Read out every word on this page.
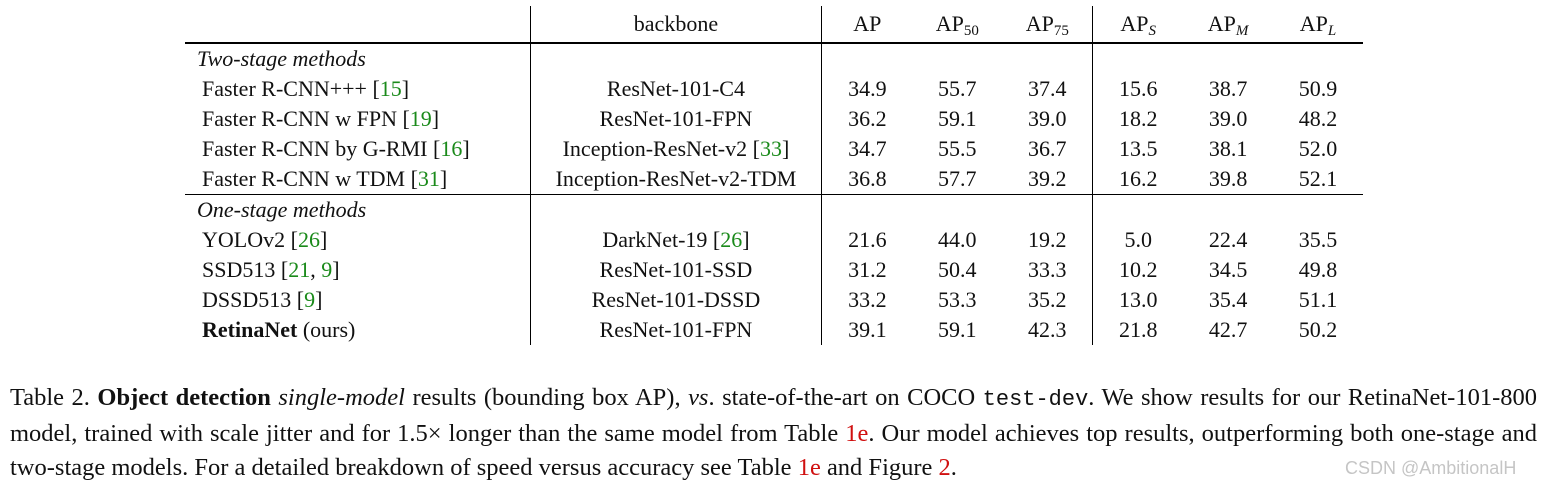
	backbone	AP	$AP_{50}$	$AP_{75}$	$AP_S$	$AP_M$	$AP_L$
Two-stage methods							
Faster R-CNN+++ [15]	ResNet-101-C4	34.9	55.7	37.4	15.6	38.7	50.9
Faster R-CNN w FPN [19]	ResNet-101-FPN	36.2	59.1	39.0	18.2	39.0	48.2
Faster R-CNN by G-RMI [16]	Inception-ResNet-v2 [33]	34.7	55.5	36.7	13.5	38.1	52.0
Faster R-CNN w TDM [31]	Inception-ResNet-v2-TDM	36.8	57.7	39.2	16.2	39.8	52.1
One-stage methods							
YOLOv2 [26]	DarkNet-19 [26]	21.6	44.0	19.2	5.0	22.4	35.5
SSD513 [21, 9]	ResNet-101-SSD	31.2	50.4	33.3	10.2	34.5	49.8
DSSD513 [9]	ResNet-101-DSSD	33.2	53.3	35.2	13.0	35.4	51.1
RetinaNet (ours)	ResNet-101-FPN	39.1	59.1	42.3	21.8	42.7	50.2
Table 2. Object detection single-model results (bounding box AP), vs. state-of-the-art on COCO test-dev. We show results for our RetinaNet-101-800 model, trained with scale jitter and for 1.5× longer than the same model from Table 1e. Our model achieves top results, outperforming both one-stage and two-stage models. For a detailed breakdown of speed versus accuracy see Table 1e and Figure 2.	CSDN @AmbitionalH
